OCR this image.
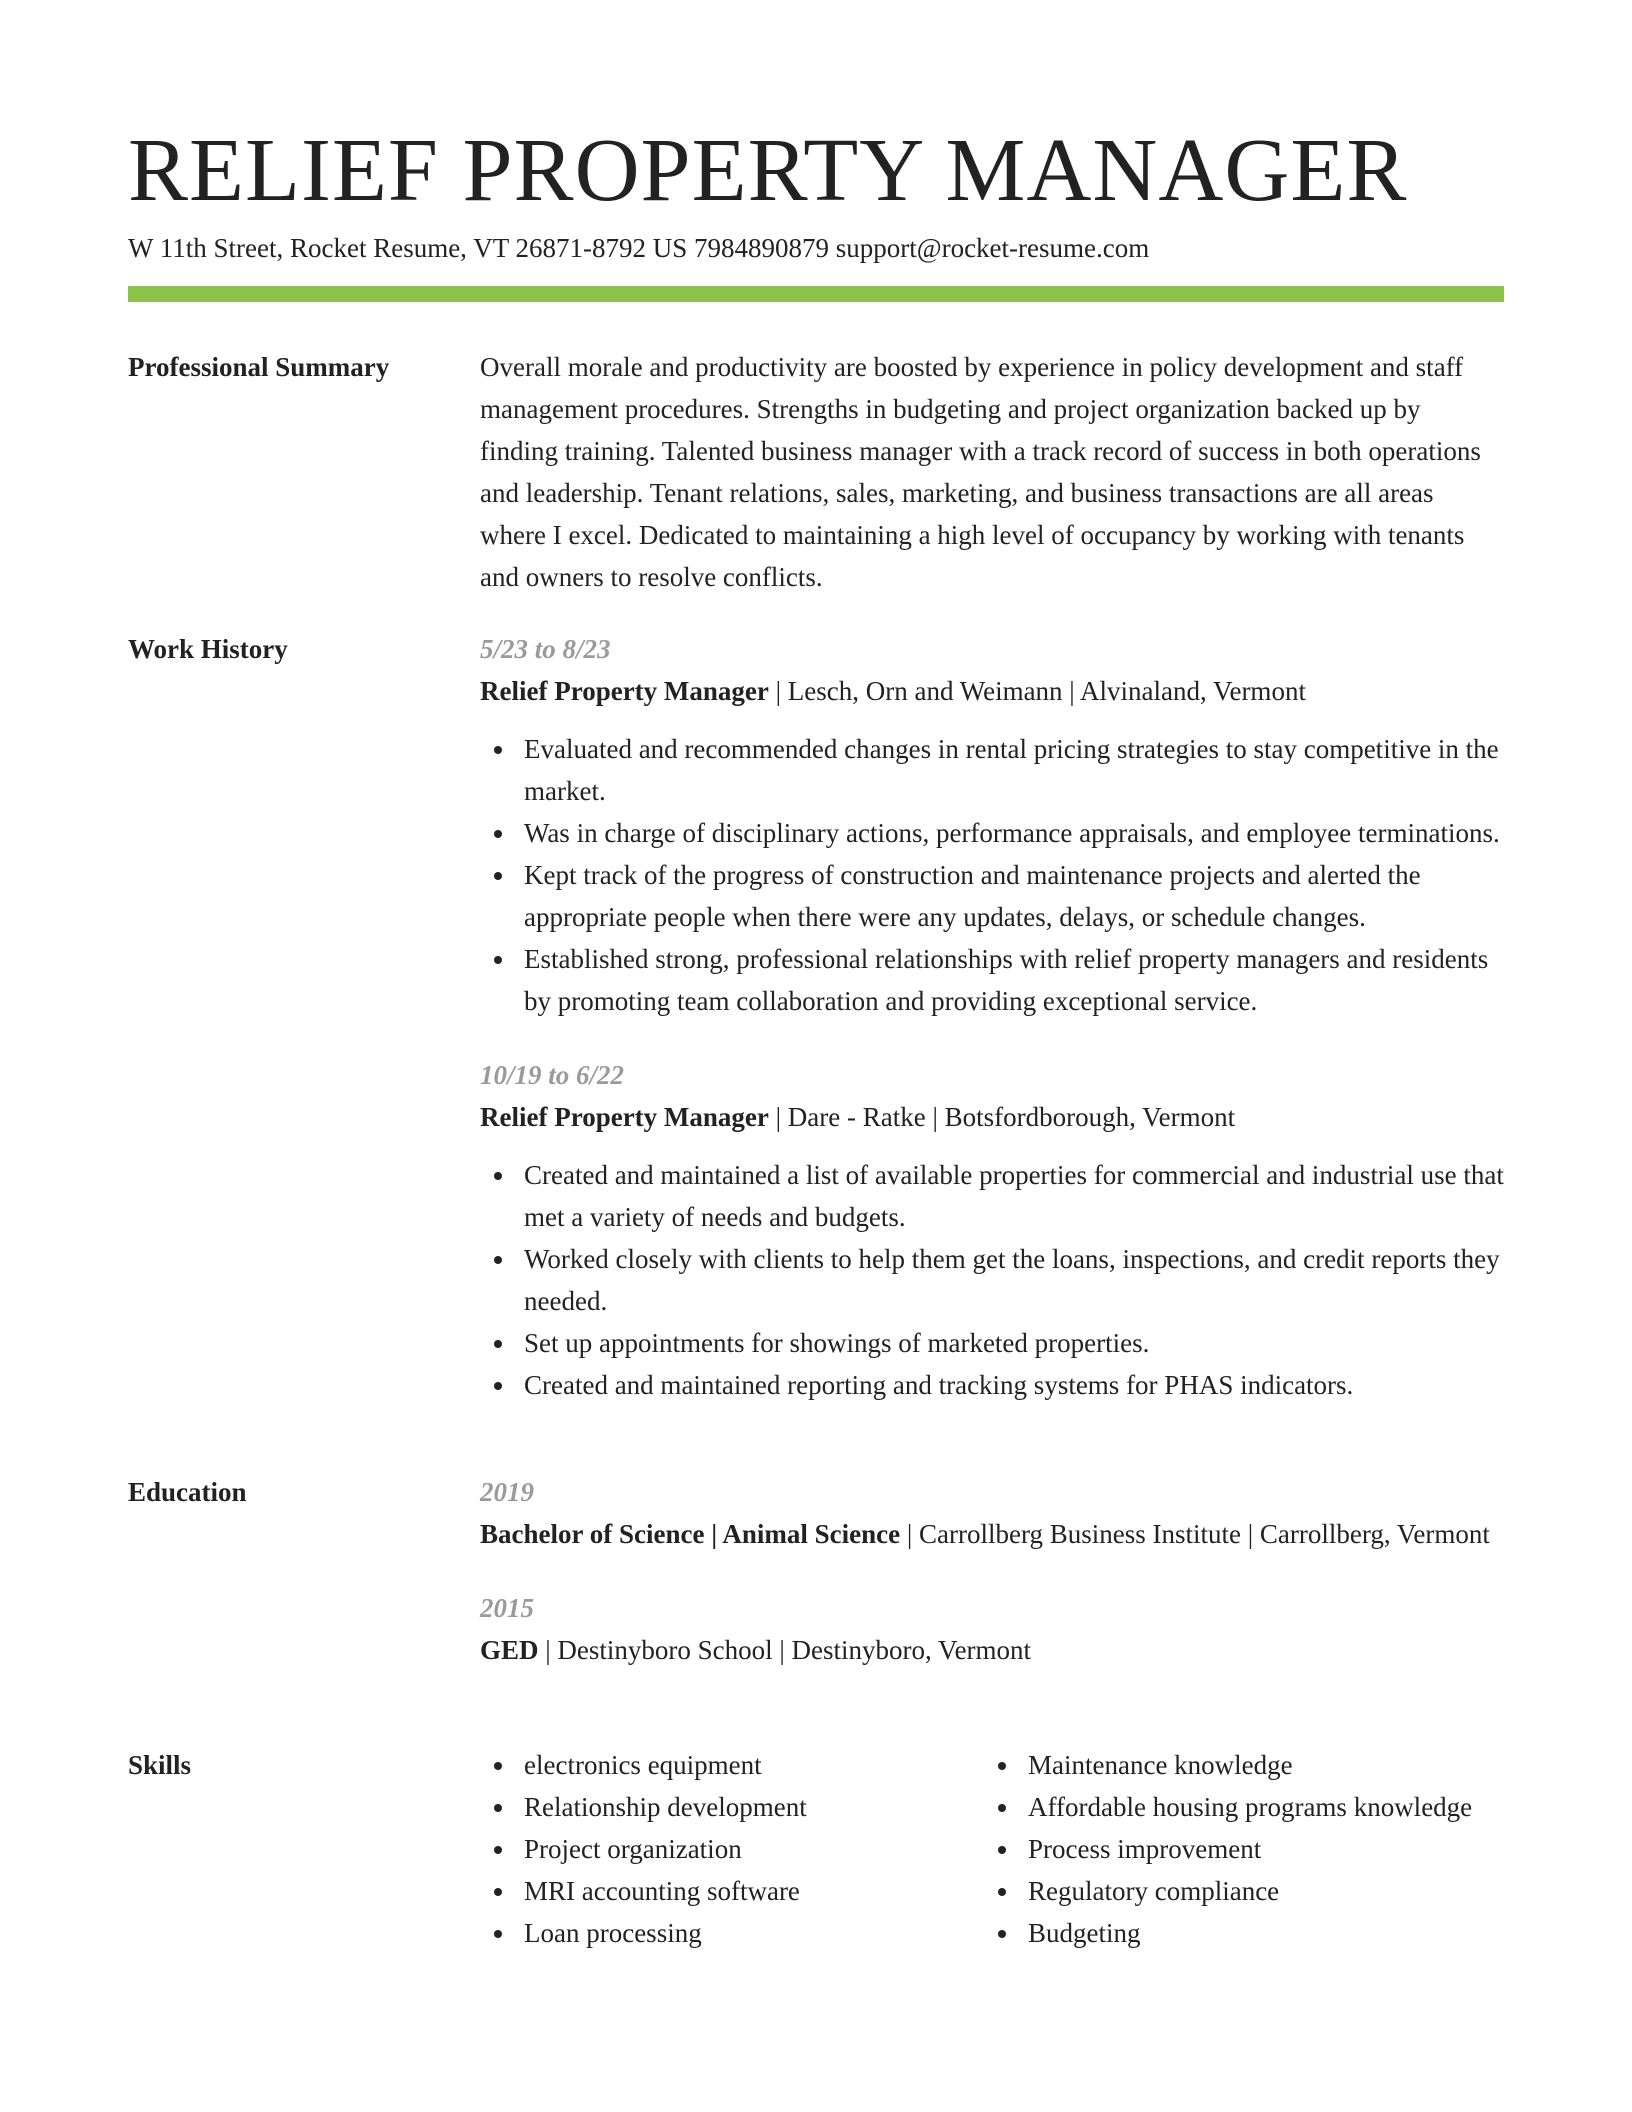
RELIEF PROPERTY MANAGER
W 11th Street, Rocket Resume, VT 26871-8792 US 7984890879 support@rocket-resume.com
Professional Summary	Overall morale and productivity are boosted by experience in policy development and staff management procedures. Strengths in budgeting and project organization backed up by finding training. Talented business manager with a track record of success in both operations and leadership. Tenant relations, sales, marketing, and business transactions are all areas where I excel. Dedicated to maintaining a high level of occupancy by working with tenants and owners to resolve conflicts.

Work History	5/23 to 8/23
Relief Property Manager | Lesch, Orn and Weimann | Alvinaland, Vermont
Evaluated and recommended changes in rental pricing strategies to stay competitive in the market.
Was in charge of disciplinary actions, performance appraisals, and employee terminations.
Kept track of the progress of construction and maintenance projects and alerted the appropriate people when there were any updates, delays, or schedule changes.
Established strong, professional relationships with relief property managers and residents by promoting team collaboration and providing exceptional service.
10/19 to 6/22
Relief Property Manager | Dare - Ratke | Botsfordborough, Vermont
Created and maintained a list of available properties for commercial and industrial use that met a variety of needs and budgets.
Worked closely with clients to help them get the loans, inspections, and credit reports they needed.
Set up appointments for showings of marketed properties.
Created and maintained reporting and tracking systems for PHAS indicators.
Education	2019
Bachelor of Science | Animal Science | Carrollberg Business Institute | Carrollberg, Vermont
2015
GED | Destinyboro School | Destinyboro, Vermont
Skills	electronics equipment
Relationship development
Project organization
MRI accounting software
Loan processing
Maintenance knowledge
Affordable housing programs knowledge
Process improvement
Regulatory compliance
Budgeting
